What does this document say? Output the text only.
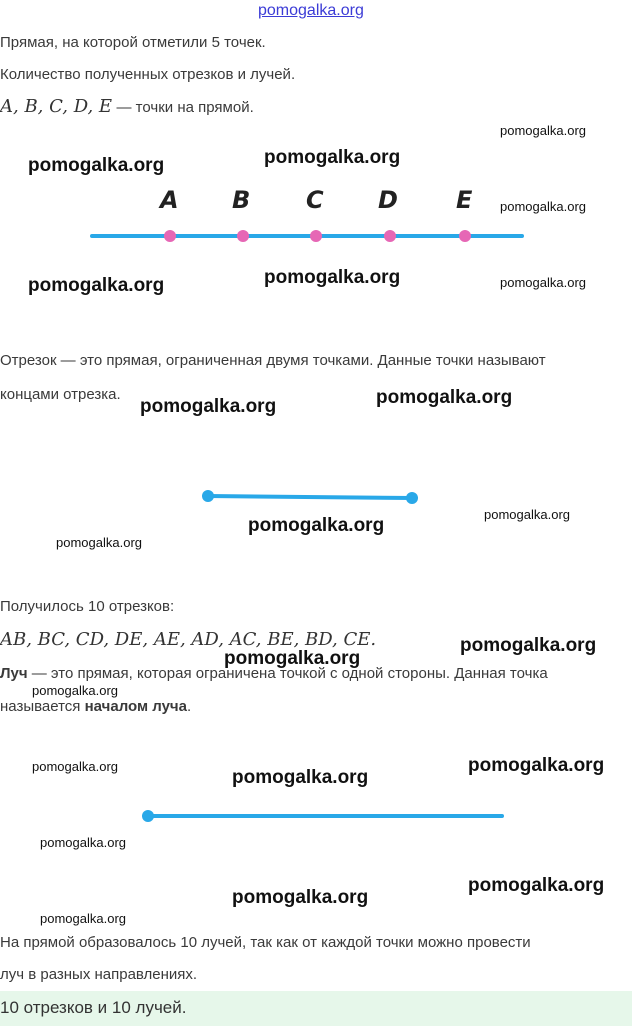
pomogalka.org
Прямая, на которой отметили 5 точек.
Количество полученных отрезков и лучей.
A, B, C, D, E — точки на прямой.
A B C D E
Отрезок — это прямая, ограниченная двумя точками. Данные точки называют
концами отрезка.
Получилось 10 отрезков:
AB, BC, CD, DE, AE, AD, AC, BE, BD, CE.
Луч — это прямая, которая ограничена точкой с одной стороны. Данная точка
называется началом луча.
На прямой образовалось 10 лучей, так как от каждой точки можно провести
луч в разных направлениях.
10 отрезков и 10 лучей.
pomogalka.org
pomogalka.org	pomogalka.org
pomogalka.org
pomogalka.org	pomogalka.org	pomogalka.org
pomogalka.org	pomogalka.org
pomogalka.org
pomogalka.org
pomogalka.org
pomogalka.org
pomogalka.org
pomogalka.org
pomogalka.org
pomogalka.org
pomogalka.org
pomogalka.org
pomogalka.org
pomogalka.org
pomogalka.org
